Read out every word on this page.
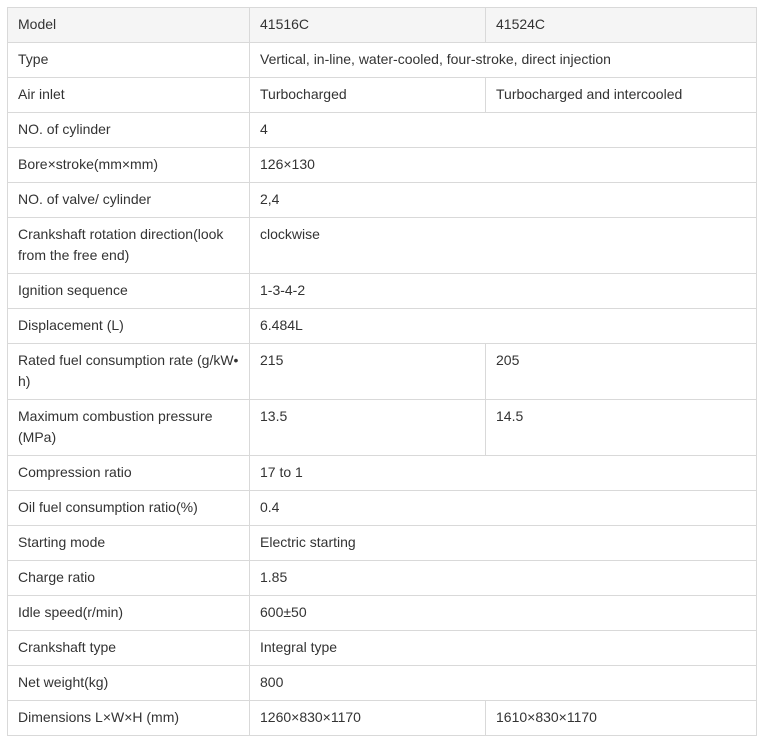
Model	41516C	41524C
Type	Vertical, in-line, water-cooled, four-stroke, direct injection	
Air inlet	Turbocharged	Turbocharged and intercooled
NO. of cylinder	4	
Bore×stroke(mm×mm)	126×130	
NO. of valve/ cylinder	2,4	
Crankshaft rotation direction(look from the free end)	clockwise	
Ignition sequence	1-3-4-2	
Displacement (L)	6.484L	
Rated fuel consumption rate (g/kW• h)	215	205
Maximum combustion pressure (MPa)	13.5	14.5
Compression ratio	17 to 1	
Oil fuel consumption ratio(%)	0.4	
Starting mode	Electric starting	
Charge ratio	1.85	
Idle speed(r/min)	600±50	
Crankshaft type	Integral type	
Net weight(kg)	800	
Dimensions L×W×H (mm)	1260×830×1170	1610×830×1170
